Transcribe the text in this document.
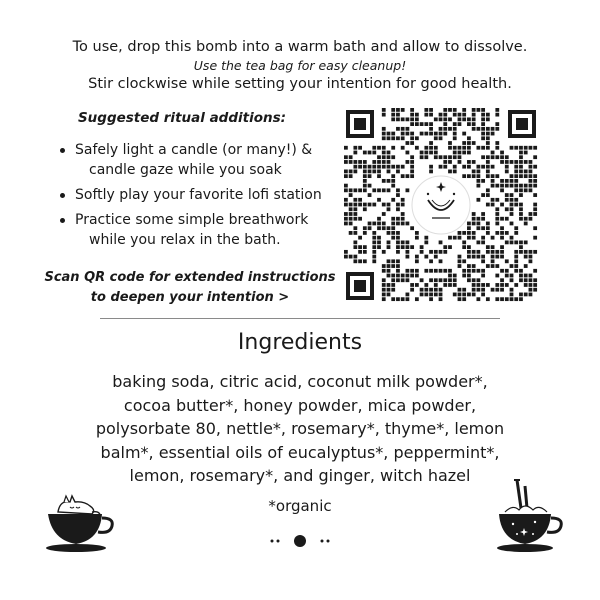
To use, drop this bomb into a warm bath and allow to dissolve.
Use the tea bag for easy cleanup!
Stir clockwise while setting your intention for good health.
Suggested ritual additions:
Safely light a candle (or many!) &
candle gaze while you soak
Softly play your favorite lofi station
Practice some simple breathwork
while you relax in the bath.
Scan QR code for extended instructions
to deepen your intention >
Ingredients
baking soda, citric acid, coconut milk powder*,
cocoa butter*, honey powder, mica powder,
polysorbate 80, nettle*, rosemary*, thyme*, lemon
balm*, essential oils of eucalyptus*, peppermint*,
lemon, rosemary*, and ginger, witch hazel
*organic
